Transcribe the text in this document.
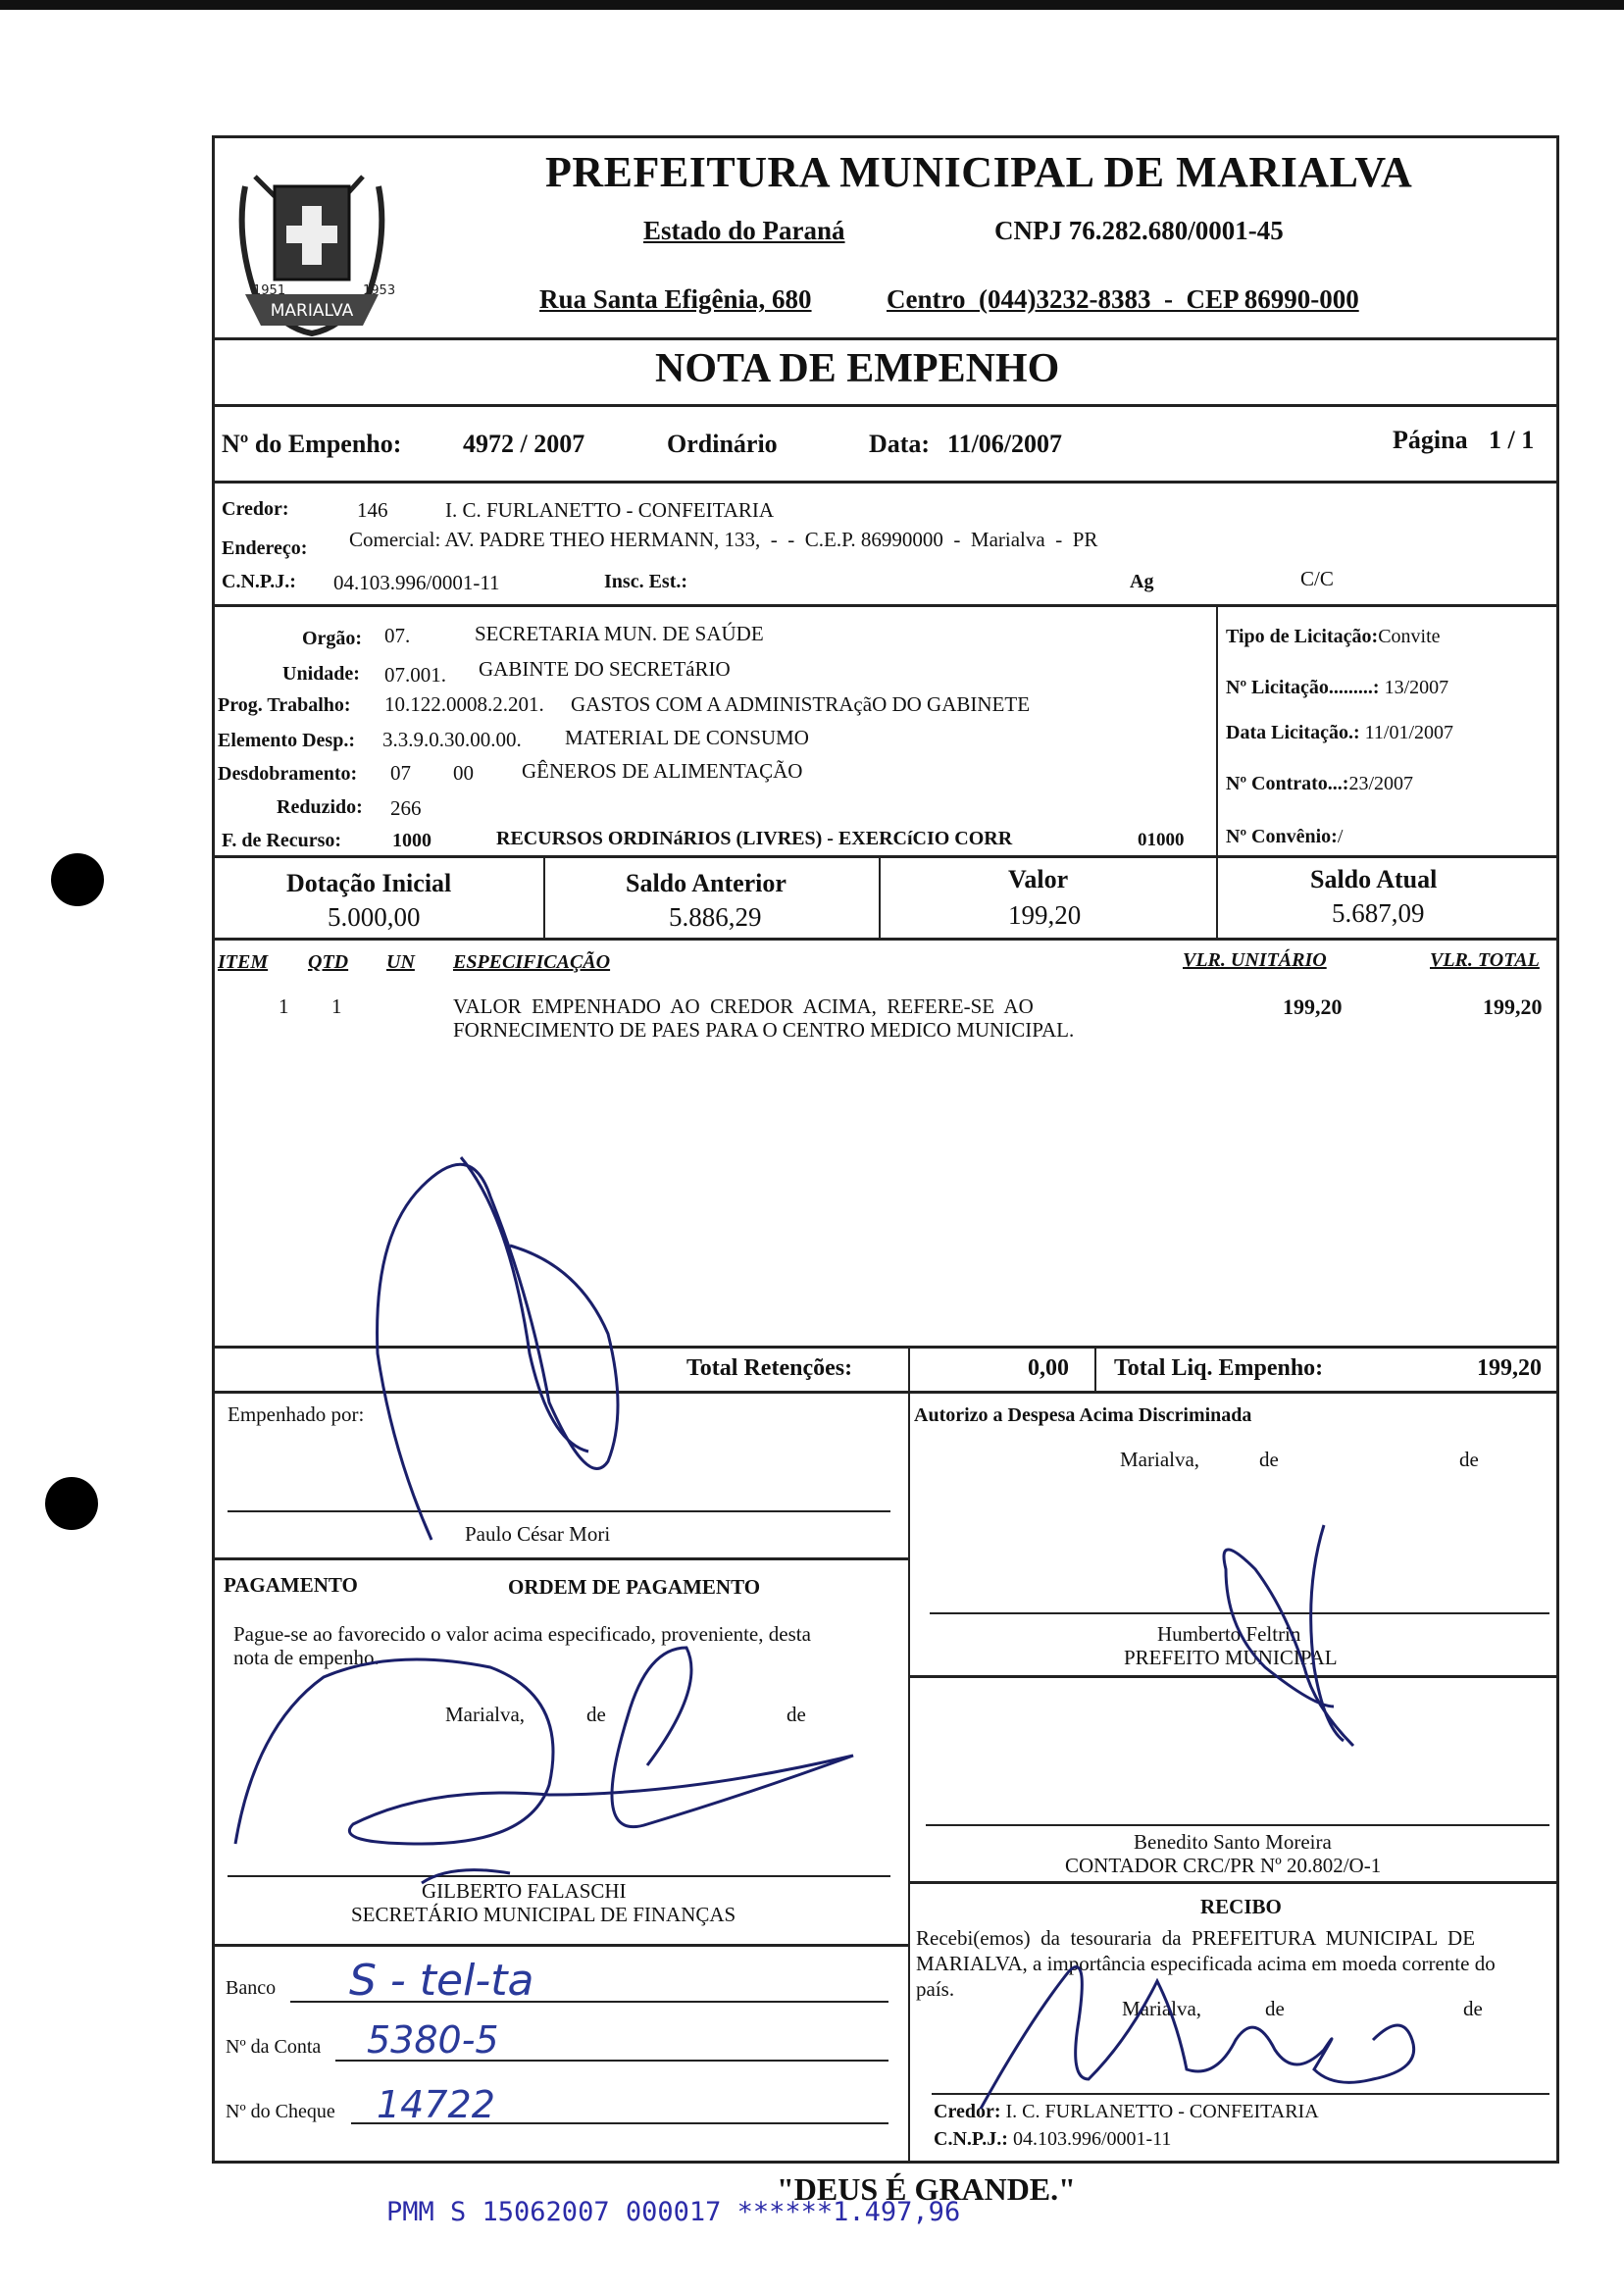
MARIALVA
1951	1953
PREFEITURA MUNICIPAL DE MARIALVA
Estado do Paraná	CNPJ 76.282.680/0001-45
Rua Santa Efigênia, 680	Centro  (044)3232-8383  -  CEP 86990-000
NOTA DE EMPENHO
Nº do Empenho: 4972 / 2007	Ordinário	Data: 11/06/2007	Página 1 / 1
Credor:	146	I. C. FURLANETTO - CONFEITARIA
Endereço: Comercial: AV. PADRE THEO HERMANN, 133,  -  -  C.E.P. 86990000  -  Marialva  -  PR
C.N.P.J.: 04.103.996/0001-11	Insc. Est.:	Ag	C/C
Orgão: 07.	SECRETARIA MUN. DE SAÚDE
Unidade: 07.001. GABINTE DO SECRETáRIO
Prog. Trabalho: 10.122.0008.2.201. GASTOS COM A ADMINISTRAçãO DO GABINETE
Elemento Desp.: 3.3.9.0.30.00.00. MATERIAL DE CONSUMO
Desdobramento: 07 00 GÊNEROS DE ALIMENTAÇÃO
Reduzido: 266
F. de Recurso:	1000	RECURSOS ORDINáRIOS (LIVRES) - EXERCíCIO CORR	01000
Tipo de Licitação:Convite
Nº Licitação.........: 13/2007
Data Licitação.: 11/01/2007
Nº Contrato...:23/2007
Nº Convênio:/
Dotação Inicial
5.000,00
Saldo Anterior
5.886,29
Valor
199,20
Saldo Atual
5.687,09
ITEM QTD UN ESPECIFICAÇÃO	VLR. UNITÁRIO	VLR. TOTAL
1 1	VALOR  EMPENHADO  AO  CREDOR  ACIMA,  REFERE-SE  AO
FORNECIMENTO DE PAES PARA O CENTRO MEDICO MUNICIPAL.
199,20	199,20
Total Retenções:	0,00 Total Liq. Empenho:	199,20
Empenhado por:
Paulo César Mori
Autorizo a Despesa Acima Discriminada
Marialva,	de	de
Humberto Feltrin
PREFEITO MUNICIPAL
Benedito Santo Moreira
CONTADOR CRC/PR Nº 20.802/O-1
PAGAMENTO	ORDEM DE PAGAMENTO
Pague-se ao favorecido o valor acima especificado, proveniente, desta
nota de empenho.
Marialva,	de	de
GILBERTO FALASCHI
SECRETÁRIO MUNICIPAL DE FINANÇAS
Banco S - tel-ta
Nº da Conta 5380-5
Nº do Cheque 14722
RECIBO
Recebi(emos)  da  tesouraria  da  PREFEITURA  MUNICIPAL  DE
MARIALVA, a importância especificada acima em moeda corrente do
país.
Marialva,	de	de
Credor: I. C. FURLANETTO - CONFEITARIA
C.N.P.J.: 04.103.996/0001-11
"DEUS É GRANDE."
PMM S 15062007 000017 ******1.497,96
